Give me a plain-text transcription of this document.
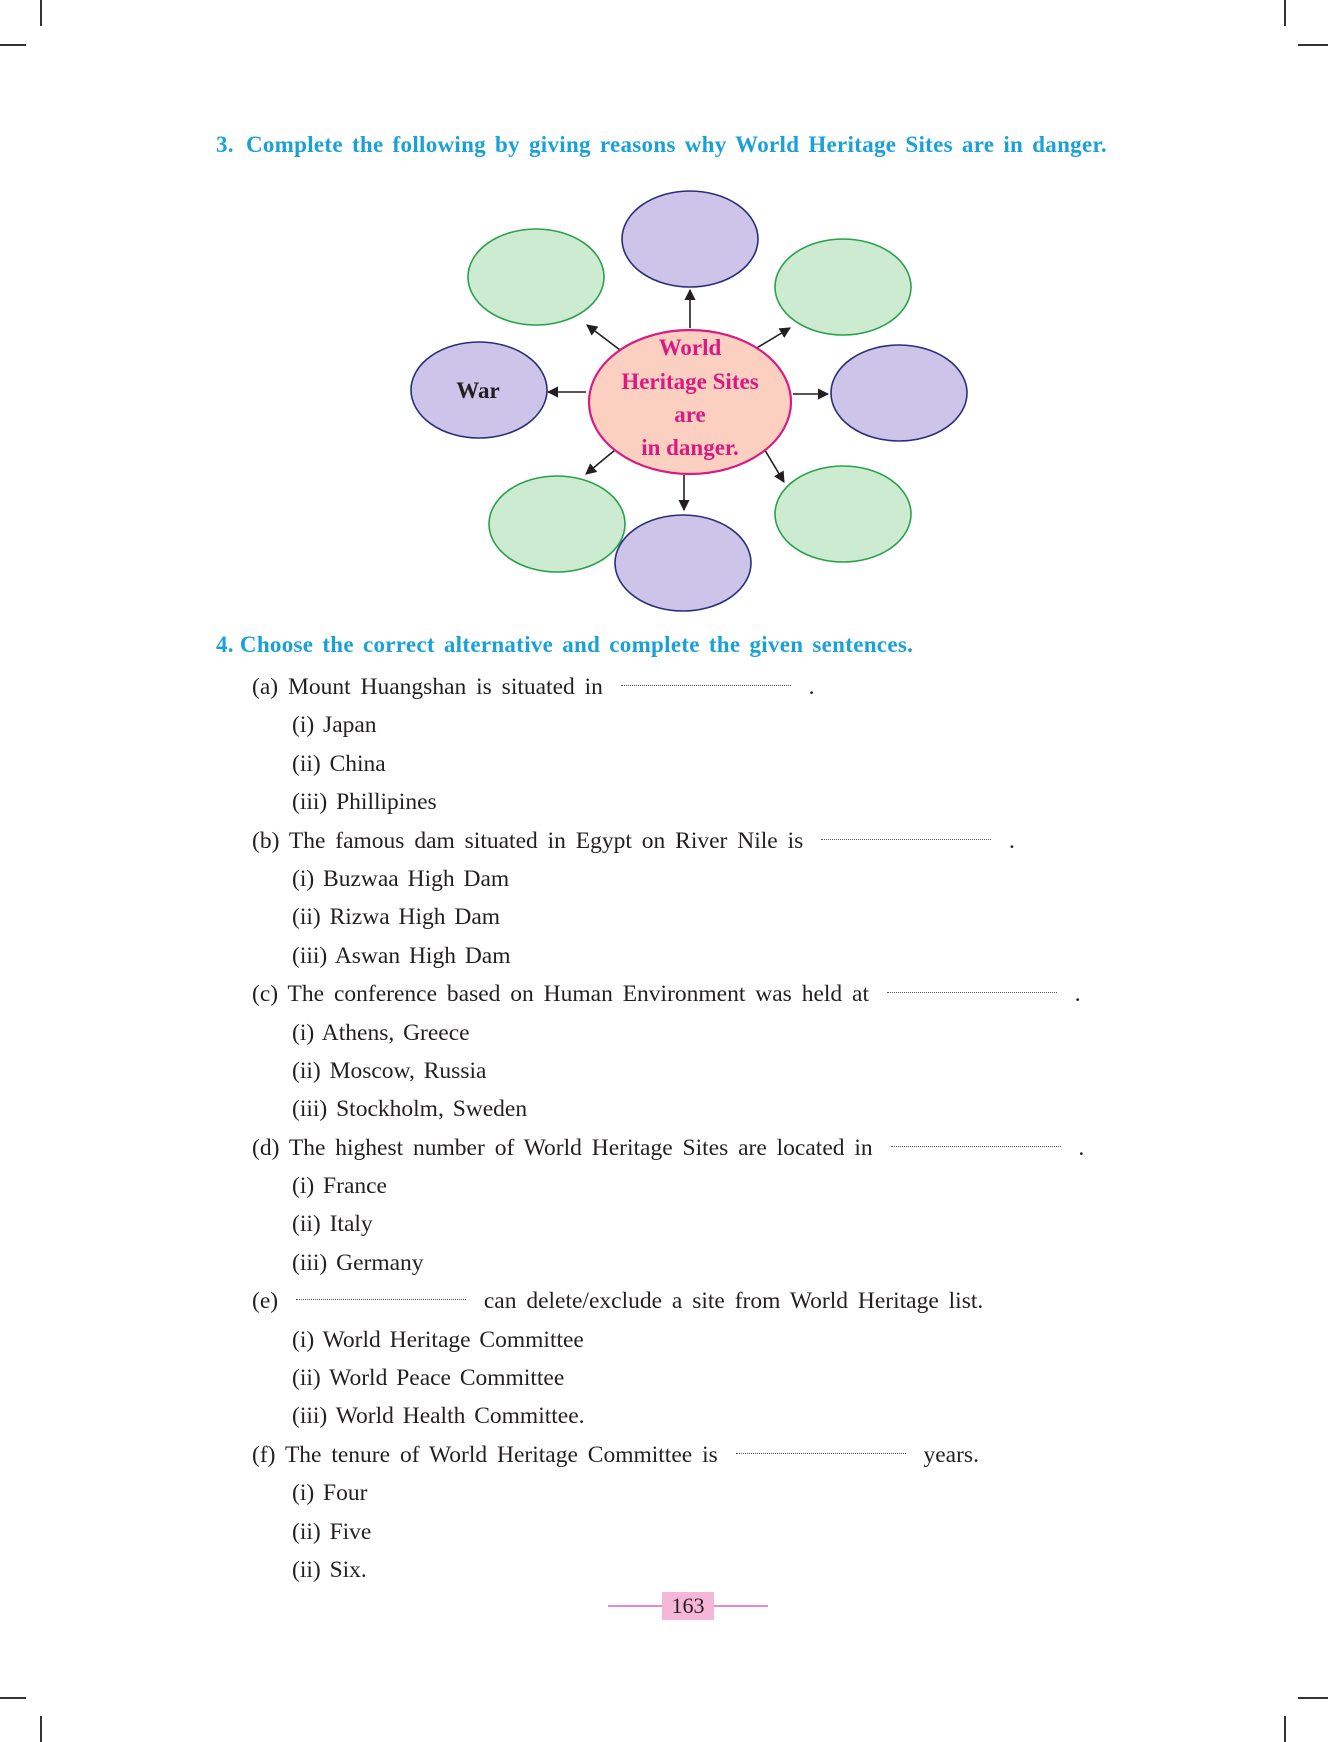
3. Complete the following by giving reasons why World Heritage Sites are in danger.
World
Heritage Sites
are
in danger.
War
4. Choose the correct alternative and complete the given sentences.
(a) Mount Huangshan is situated in	.
(i) Japan
(ii) China
(iii) Phillipines
(b) The famous dam situated in Egypt on River Nile is	.
(i) Buzwaa High Dam
(ii) Rizwa High Dam
(iii) Aswan High Dam
(c) The conference based on Human Environment was held at	.
(i) Athens, Greece
(ii) Moscow, Russia
(iii) Stockholm, Sweden
(d) The highest number of World Heritage Sites are located in	.
(i) France
(ii) Italy
(iii) Germany
(e)	can delete/exclude a site from World Heritage list.
(i) World Heritage Committee
(ii) World Peace Committee
(iii) World Health Committee.
(f) The tenure of World Heritage Committee is	years.
(i) Four
(ii) Five
(ii) Six.
163
